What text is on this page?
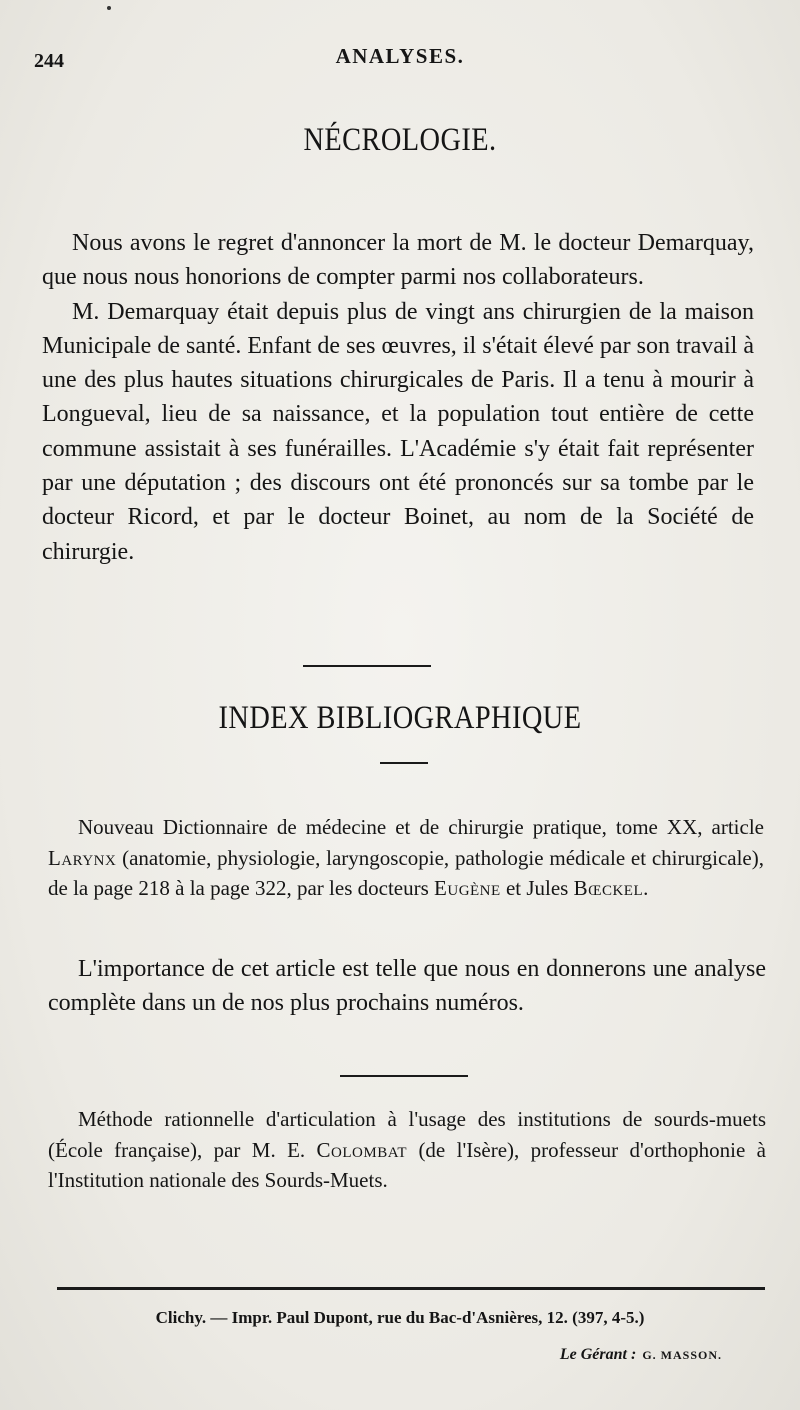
244	ANALYSES.
NÉCROLOGIE.

Nous avons le regret d'annoncer la mort de M. le docteur Demarquay, que nous nous honorions de compter parmi nos collaborateurs.

M. Demarquay était depuis plus de vingt ans chirurgien de la maison Municipale de santé. Enfant de ses œuvres, il s'était élevé par son travail à une des plus hautes situations chirurgicales de Paris. Il a tenu à mourir à Longueval, lieu de sa naissance, et la population tout entière de cette commune assistait à ses funérailles. L'Académie s'y était fait représenter par une députation ; des discours ont été prononcés sur sa tombe par le docteur Ricord, et par le docteur Boinet, au nom de la Société de chirurgie.

INDEX BIBLIOGRAPHIQUE

Nouveau Dictionnaire de médecine et de chirurgie pratique, tome XX, article Larynx (anatomie, physiologie, laryngoscopie, pathologie médicale et chirurgicale), de la page 218 à la page 322, par les docteurs Eugène et Jules Bœckel.

L'importance de cet article est telle que nous en donnerons une analyse complète dans un de nos plus prochains numéros.

Méthode rationnelle d'articulation à l'usage des institutions de sourds-muets (École française), par M. E. Colombat (de l'Isère), professeur d'orthophonie à l'Institution nationale des Sourds-Muets.

Clichy. — Impr. Paul Dupont, rue du Bac-d'Asnières, 12. (397, 4-5.)
Le Gérant : G. MASSON.
